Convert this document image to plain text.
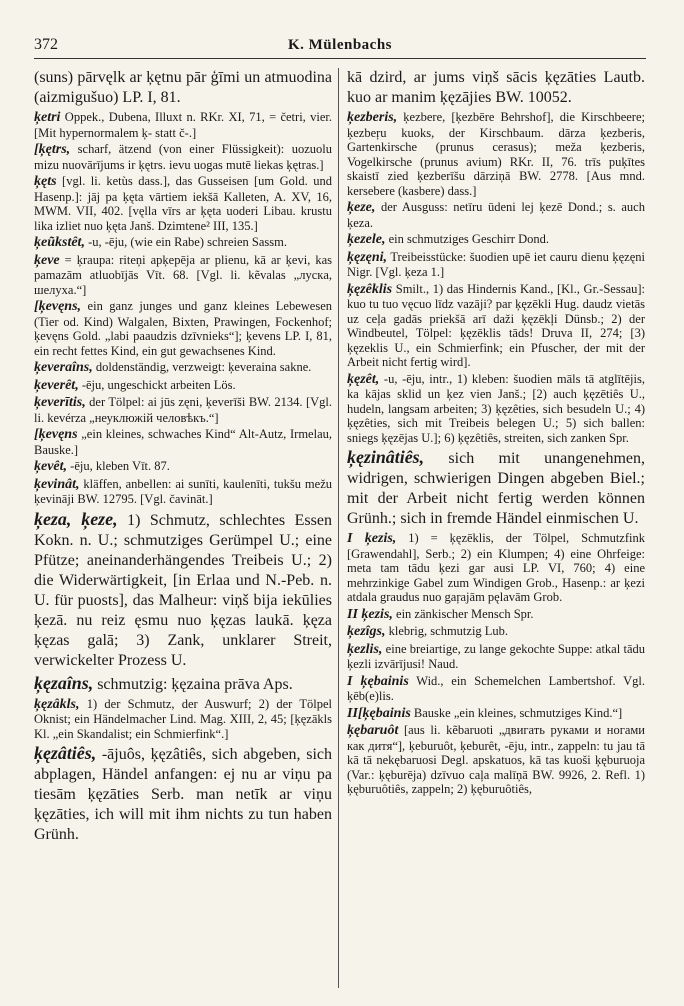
372	K. Mülenbachs

(suns) pārvęlk ar ķętnu pār ģīmi un atmuodina (aizmigušuo) LP. I, 81.

ķetri Oppek., Dubena, Illuxt n. RKr. XI, 71, = četri, vier. [Mit hypernormalem ķ- statt č-.]

[ķętrs, scharf, ätzend (von einer Flüssigkeit): uozuolu mizu nuovārījums ir ķętrs. ievu uogas mutē liekas ķętras.]

ķęts [vgl. li. ketùs dass.], das Gusseisen [um Gold. und Hasenp.]: jāj pa ķęta vārtiem iekšā Kalleten, A. XV, 16, MWM. VII, 402. [vęlla vīrs ar ķęta uoderi Libau. krustu lika izliet nuo ķęta Janš. Dzimtene² III, 135.]

ķeũkstêt, -u, -ēju, (wie ein Rabe) schreien Sassm.

ķeve = ķraupa: riteņi apķepēja ar plienu, kā ar ķevi, kas pamazām atluobījās Vīt. 68. [Vgl. li. kẽvalas „лyскa, шeлyxa.“]

[ķevęns, ein ganz junges und ganz kleines Lebewesen (Tier od. Kind) Walgalen, Bixten, Prawingen, Fockenhof; ķevęns Gold. „labi paaudzis dzīvnieks“]; ķevens LP. I, 81, ein recht fettes Kind, ein gut gewachsenes Kind.

ķeveraîns, doldenständig, verzweigt: ķeveraina sakne.

ķeverêt, -ēju, ungeschickt arbeiten Lös.

ķeverītis, der Tölpel: ai jūs zęni, ķeverīši BW. 2134. [Vgl. li. kevérza „неуклюжій человѣкъ.“]

[ķevęns „ein kleines, schwaches Kind“ Alt-Autz, Irmelau, Bauske.]

ķevêt, -ēju, kleben Vīt. 87.

ķevinât, kläffen, anbellen: ai sunīti, kaulenīti, tukšu mežu ķevināji BW. 12795. [Vgl. čavināt.]

ķeza, ķeze, 1) Schmutz, schlechtes Essen Kokn. n. U.; schmutziges Gerümpel U.; eine Pfütze; aneinanderhängendes Treibeis U.; 2) die Widerwärtigkeit, [in Erlaa und N.-Peb. n. U. für puosts], das Malheur: viņš bija iekūlies ķezā. nu reiz ęsmu nuo ķęzas laukā. ķęza ķęzas galā; 3) Zank, unklarer Streit, verwickelter Prozess U.

ķęzaîns, schmutzig: ķęzaina prāva Aps.

ķęzâkls, 1) der Schmutz, der Auswurf; 2) der Tölpel Oknist; ein Händelmacher Lind. Mag. XIII, 2, 45; [ķęzākls Kl. „ein Skandalist; ein Schmierfink“.]

ķęzâtiês, -ājuôs, ķęzâtiês, sich abgeben, sich abplagen, Händel anfangen: ej nu ar viņu pa tiesām ķęzāties Serb. man netīk ar viņu ķęzāties, ich will mit ihm nichts zu tun haben Grünh.

kā dzird, ar jums viņš sācis ķęzāties Lautb. kuo ar manim ķęzājies BW. 10052.

ķezberis, ķezbere, [ķezbēre Behrshof], die Kirschbeere; ķezbeŗu kuoks, der Kirschbaum. dārza ķezberis, Gartenkirsche (prunus cerasus); meža ķezberis, Vogelkirsche (prunus avium) RKr. II, 76. trīs puķītes skaistī zied ķezberīšu dārziņā BW. 2778. [Aus mnd. kersebere (kasbere) dass.]

ķeze, der Ausguss: netīru ūdeni lej ķezē Dond.; s. auch ķeza.

ķezele, ein schmutziges Geschirr Dond.

ķęzęni, Treibeisstücke: šuodien upē iet cauru dienu ķęzęni Nigr. [Vgl. ķeza 1.]

ķęzêklis Smilt., 1) das Hindernis Kand., [Kl., Gr.-Sessau]: kuo tu tuo vęcuo līdz vazāji? par ķęzēkli Hug. daudz vietās uz ceļa gadās priekšā arī daži ķęzēkļi Dünsb.; 2) der Windbeutel, Tölpel: ķęzēklis tāds! Druva II, 274; [3) ķęzeklis U., ein Schmierfink; ein Pfuscher, der mit der Arbeit nicht fertig wird].

ķęzêt, -u, -ēju, intr., 1) kleben: šuodien māls tā atglītējis, ka kājas sklid un ķez vien Janš.; [2) auch ķęzētiês U., hudeln, langsam arbeiten; 3) ķęzêties, sich besudeln U.; 4) ķęzêties, sich mit Treibeis belegen U.; 5) sich ballen: sniegs ķęzējas U.]; 6) ķęzêtiês, streiten, sich zanken Spr.

ķęzinâtiês, sich mit unangenehmen, widrigen, schwierigen Dingen abgeben Biel.; mit der Arbeit nicht fertig werden können Grünh.; sich in fremde Händel einmischen U.

I ķezis, 1) = ķęzēklis, der Tölpel, Schmutzfink [Grawendahl], Serb.; 2) ein Klumpen; 4) eine Ohrfeige: meta tam tādu ķezi gar ausi LP. VI, 760; 4) eine mehrzinkige Gabel zum Windigen Grob., Hasenp.: ar ķezi atdala graudus nuo gaŗajām pęlavām Grob.

II ķezis, ein zänkischer Mensch Spr.

ķezîgs, klebrig, schmutzig Lub.

ķezlis, eine breiartige, zu lange gekochte Suppe: atkal tādu ķezli izvārījusi! Naud.

I ķębainis Wid., ein Schemelchen Lambertshof. Vgl. ķēb(e)lis.

II[ķębainis Bauske „ein kleines, schmutziges Kind.“]

ķębaruôt [aus li. kẽbaruoti „двигать руками и ногами как дитя“], ķeburuôt, ķeburêt, -ēju, intr., zappeln: tu jau tā kā tā nekębaruosi Degl. apskatuos, kā tas kuoši ķęburuoja (Var.: ķęburēja) dzīvuo caļa malīņā BW. 9926, 2. Refl. 1) ķęburuôtiês, zappeln; 2) ķęburuôtiês,
